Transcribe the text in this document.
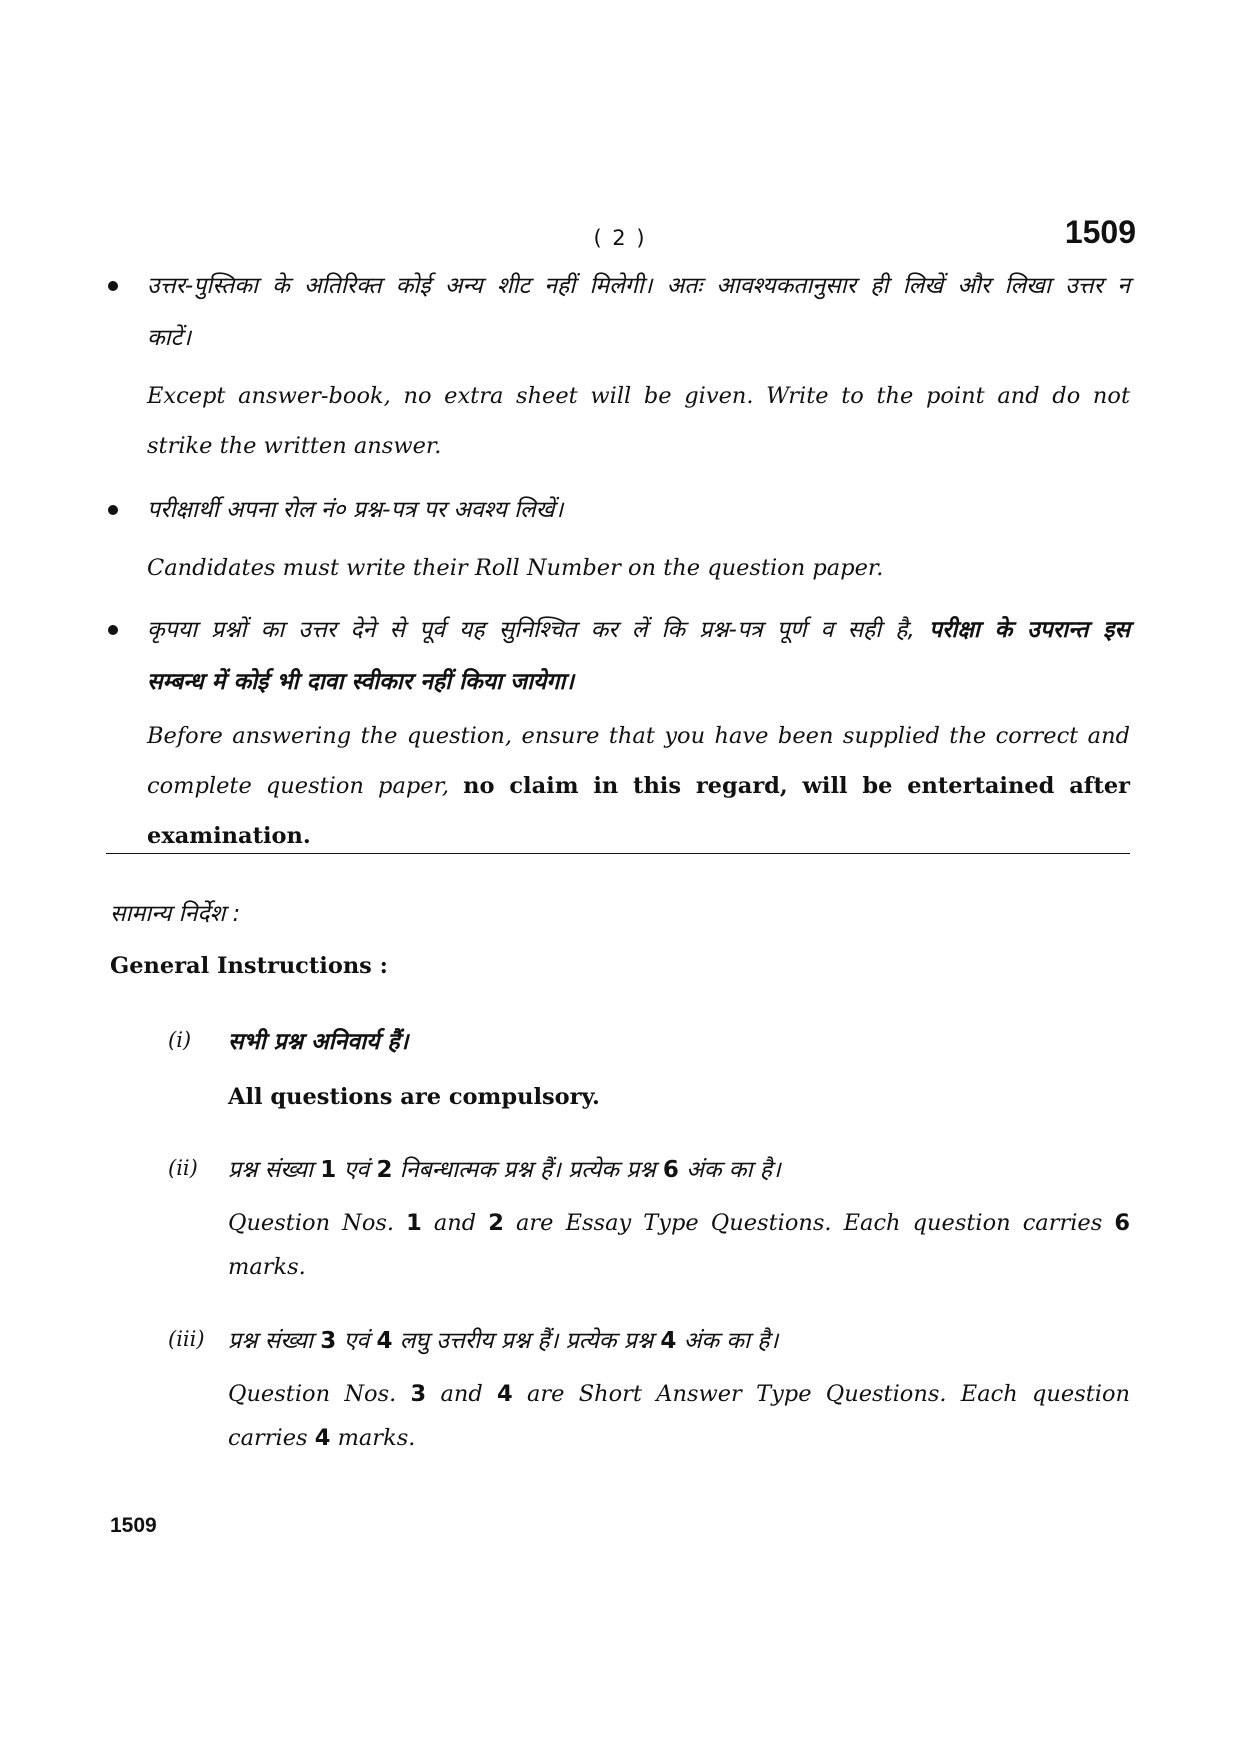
( 2 )	1509
उत्तर-पुस्तिका के अतिरिक्त कोई अन्य शीट नहीं मिलेगी। अतः आवश्यकतानुसार ही लिखें और लिखा उत्तर न
काटें।
Except answer-book, no extra sheet will be given. Write to the point and do not
strike the written answer.
परीक्षार्थी अपना रोल नं० प्रश्न-पत्र पर अवश्य लिखें।
Candidates must write their Roll Number on the question paper.
कृपया प्रश्नों का उत्तर देने से पूर्व यह सुनिश्चित कर लें कि प्रश्न-पत्र पूर्ण व सही है, परीक्षा के उपरान्त इस
सम्बन्ध में कोई भी दावा स्वीकार नहीं किया जायेगा।
Before answering the question, ensure that you have been supplied the correct and
complete question paper, no claim in this regard, will be entertained after
examination.
सामान्य निर्देश :
General Instructions :
(i) सभी प्रश्न अनिवार्य हैं।
All questions are compulsory.
(ii) प्रश्न संख्या 1 एवं 2 निबन्धात्मक प्रश्न हैं। प्रत्येक प्रश्न 6 अंक का है।
Question Nos. 1 and 2 are Essay Type Questions. Each question carries 6
marks.
(iii) प्रश्न संख्या 3 एवं 4 लघु उत्तरीय प्रश्न हैं। प्रत्येक प्रश्न 4 अंक का है।
Question Nos. 3 and 4 are Short Answer Type Questions. Each question
carries 4 marks.
1509
